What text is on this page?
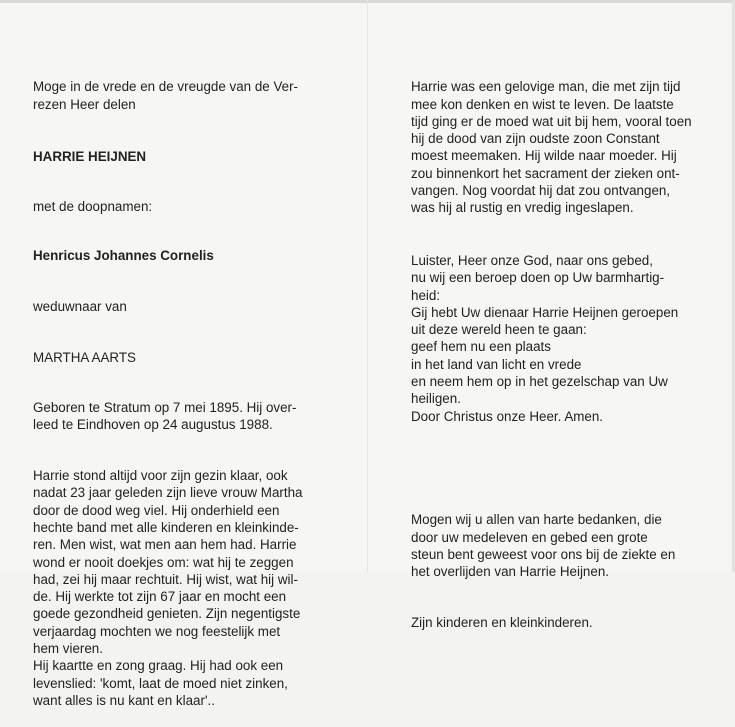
Moge in de vrede en de vreugde van de Ver-
rezen Heer delen

HARRIE HEIJNEN

met de doopnamen:

Henricus Johannes Cornelis

weduwnaar van

MARTHA AARTS

Geboren te Stratum op 7 mei 1895. Hij over-
leed te Eindhoven op 24 augustus 1988.

Harrie stond altijd voor zijn gezin klaar, ook
nadat 23 jaar geleden zijn lieve vrouw Martha
door de dood weg viel. Hij onderhield een
hechte band met alle kinderen en kleinkinde-
ren. Men wist, wat men aan hem had. Harrie
wond er nooit doekjes om: wat hij te zeggen
had, zei hij maar rechtuit. Hij wist, wat hij wil-
de. Hij werkte tot zijn 67 jaar en mocht een
goede gezondheid genieten. Zijn negentigste
verjaardag mochten we nog feestelijk met
hem vieren.
Hij kaartte en zong graag. Hij had ook een
levenslied: 'komt, laat de moed niet zinken,
want alles is nu kant en klaar'..

Harrie was een gelovige man, die met zijn tijd
mee kon denken en wist te leven. De laatste
tijd ging er de moed wat uit bij hem, vooral toen
hij de dood van zijn oudste zoon Constant
moest meemaken. Hij wilde naar moeder. Hij
zou binnenkort het sacrament der zieken ont-
vangen. Nog voordat hij dat zou ontvangen,
was hij al rustig en vredig ingeslapen.

Luister, Heer onze God, naar ons gebed,
nu wij een beroep doen op Uw barmhartig-
heid:
Gij hebt Uw dienaar Harrie Heijnen geroepen
uit deze wereld heen te gaan:
geef hem nu een plaats
in het land van licht en vrede
en neem hem op in het gezelschap van Uw
heiligen.
Door Christus onze Heer. Amen.

Mogen wij u allen van harte bedanken, die
door uw medeleven en gebed een grote
steun bent geweest voor ons bij de ziekte en
het overlijden van Harrie Heijnen.

Zijn kinderen en kleinkinderen.
